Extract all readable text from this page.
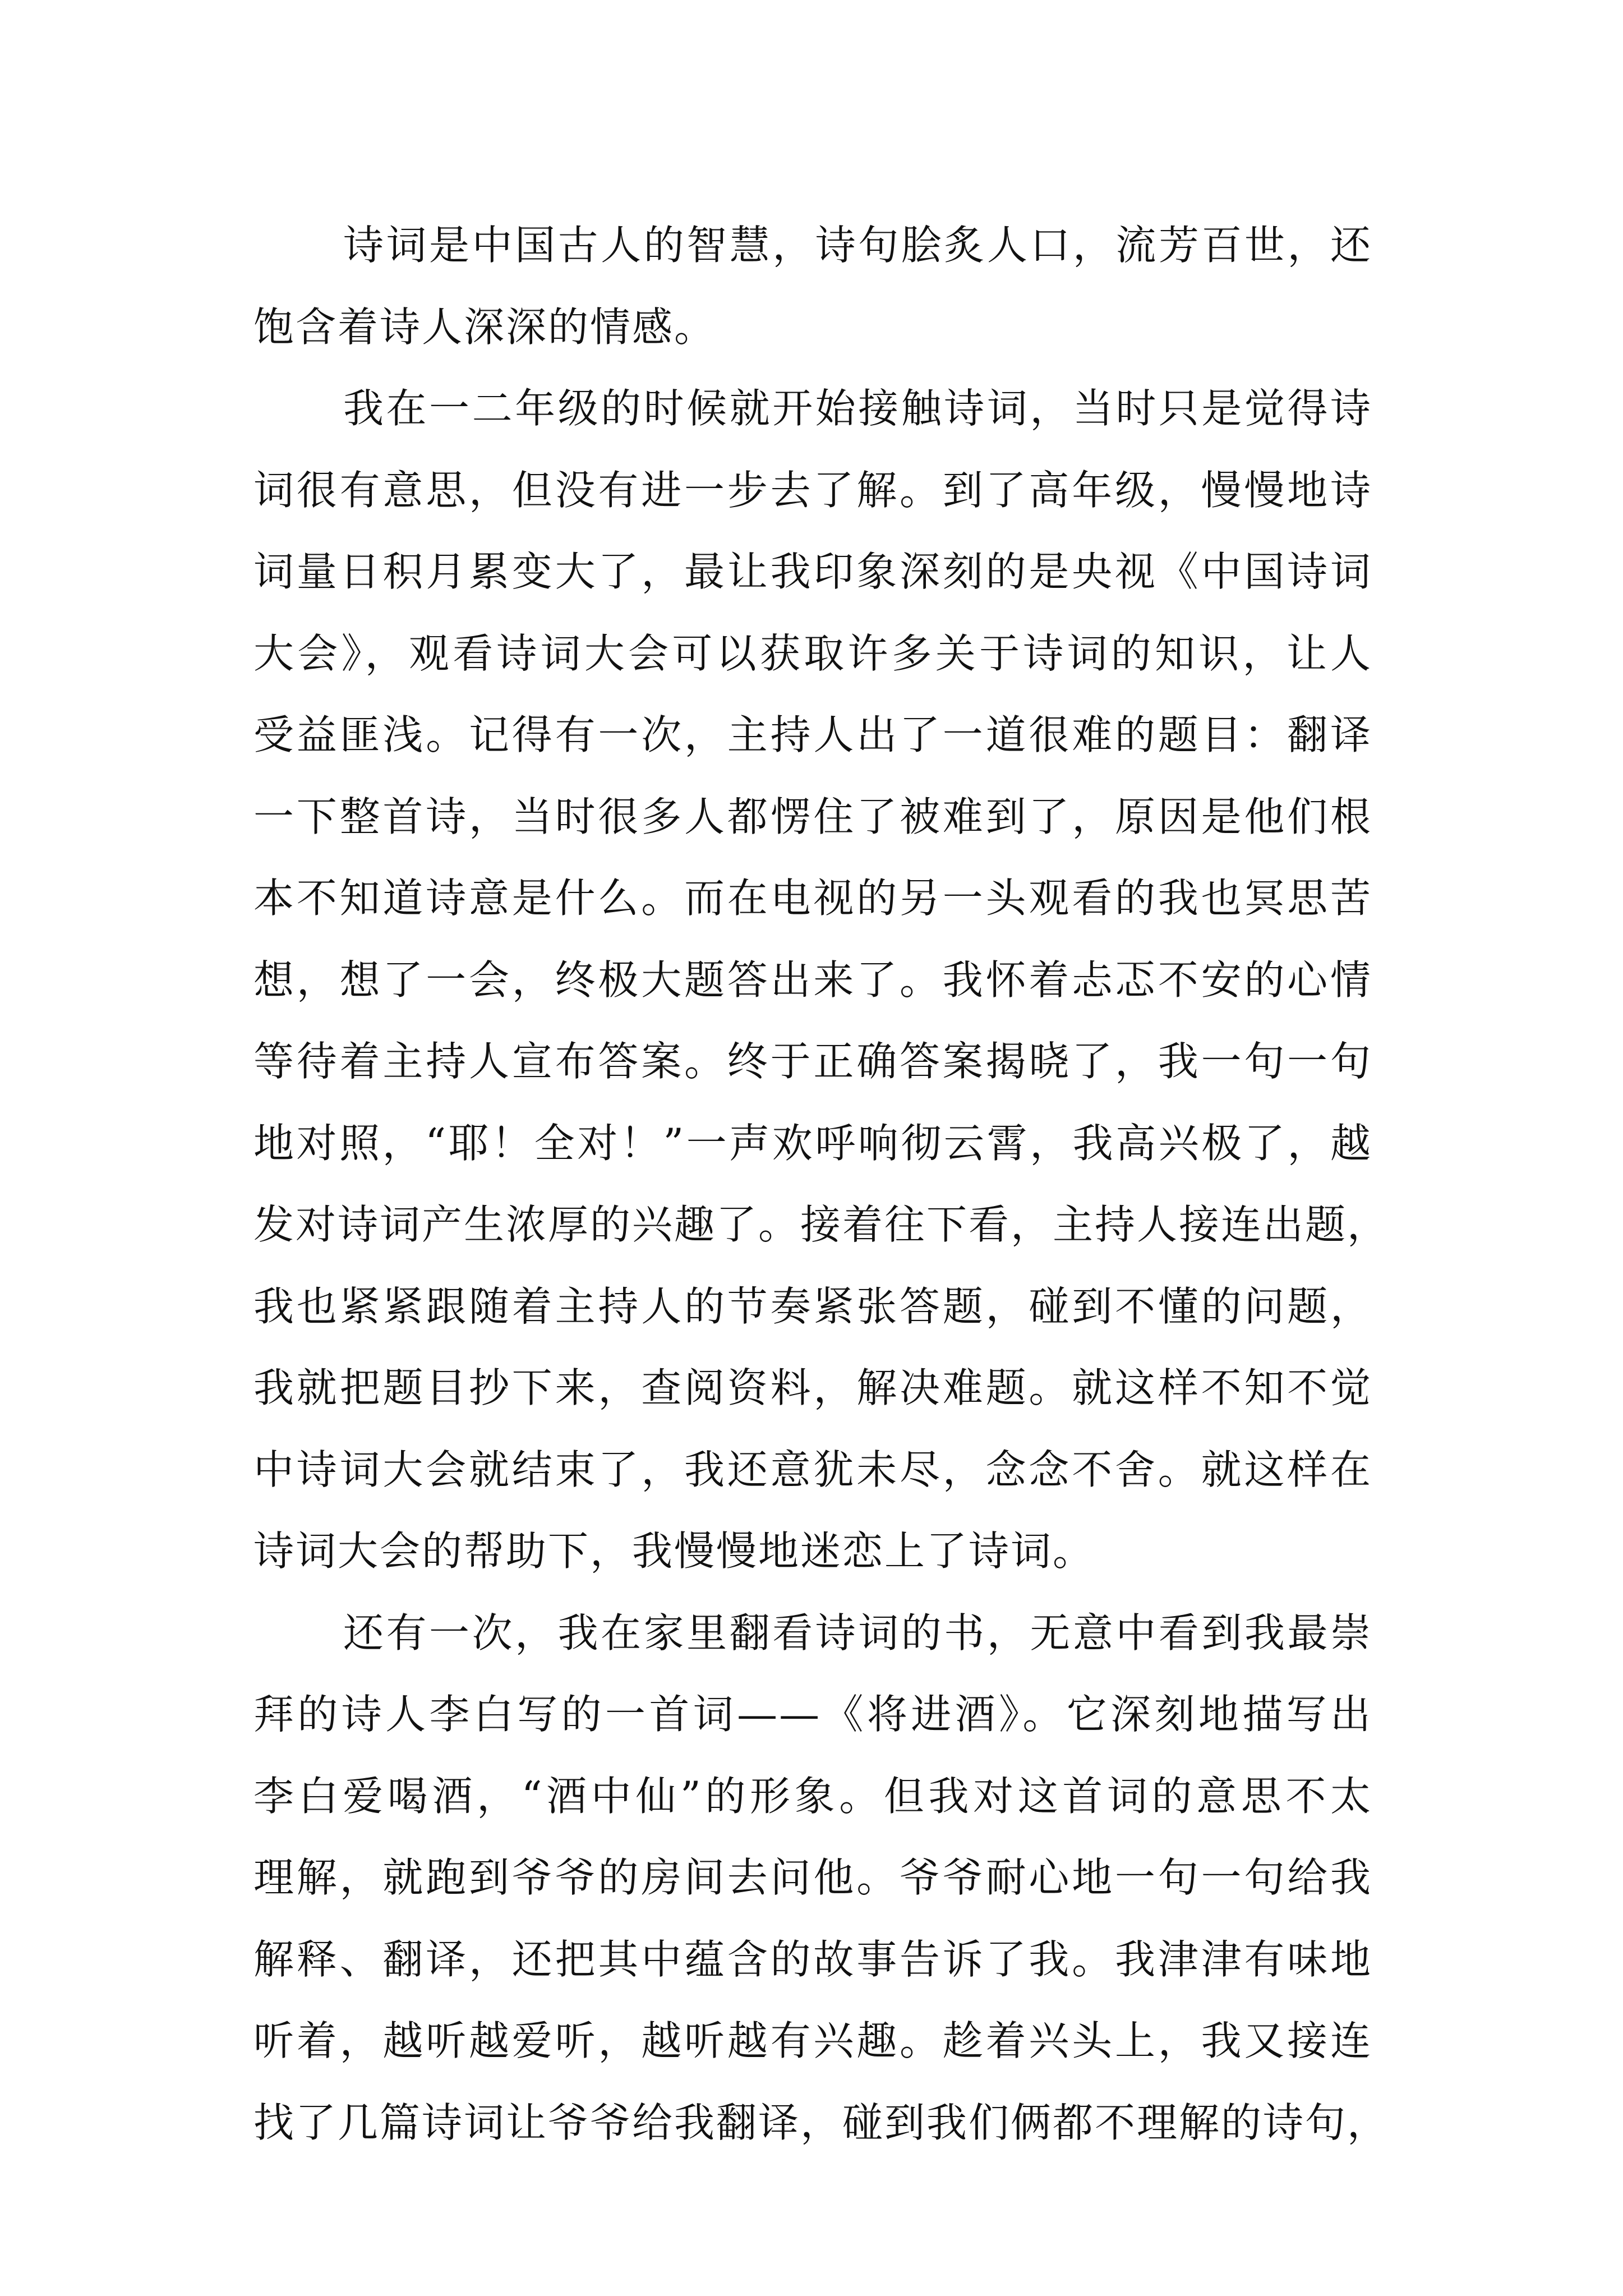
诗词是中国古人的智慧，诗句脍炙人口，流芳百世，还
饱含着诗人深深的情感。
我在一二年级的时候就开始接触诗词，当时只是觉得诗
词很有意思，但没有进一步去了解。到了高年级，慢慢地诗
词量日积月累变大了，最让我印象深刻的是央视《中国诗词
大会》，观看诗词大会可以获取许多关于诗词的知识，让人
受益匪浅。记得有一次，主持人出了一道很难的题目：翻译
一下整首诗，当时很多人都愣住了被难到了，原因是他们根
本不知道诗意是什么。而在电视的另一头观看的我也冥思苦
想，想了一会，终极大题答出来了。我怀着忐忑不安的心情
等待着主持人宣布答案。终于正确答案揭晓了，我一句一句
地对照，“耶！全对！”一声欢呼响彻云霄，我高兴极了，越
发对诗词产生浓厚的兴趣了。接着往下看，主持人接连出题，
我也紧紧跟随着主持人的节奏紧张答题，碰到不懂的问题，
我就把题目抄下来，查阅资料，解决难题。就这样不知不觉
中诗词大会就结束了，我还意犹未尽，念念不舍。就这样在
诗词大会的帮助下，我慢慢地迷恋上了诗词。
还有一次，我在家里翻看诗词的书，无意中看到我最崇
拜的诗人李白写的一首词——《将进酒》。它深刻地描写出
李白爱喝酒，“酒中仙”的形象。但我对这首词的意思不太
理解，就跑到爷爷的房间去问他。爷爷耐心地一句一句给我
解释、翻译，还把其中蕴含的故事告诉了我。我津津有味地
听着，越听越爱听，越听越有兴趣。趁着兴头上，我又接连
找了几篇诗词让爷爷给我翻译，碰到我们俩都不理解的诗句，
